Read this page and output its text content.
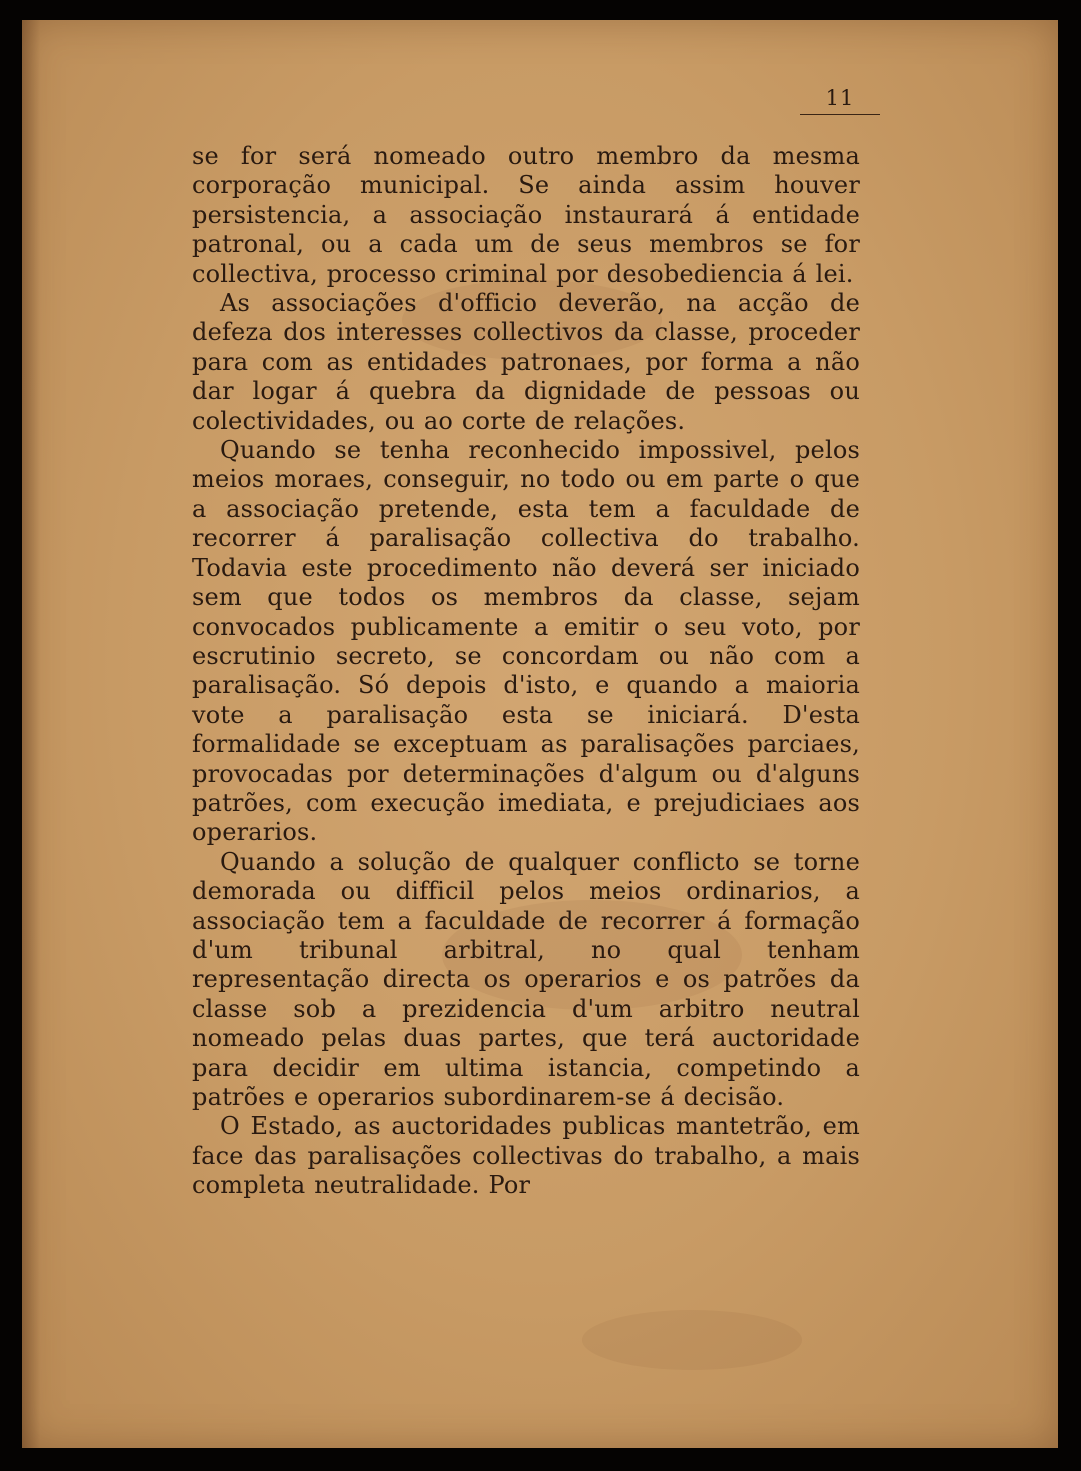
11

se for será nomeado outro membro da mesma corporação municipal. Se ainda assim houver persistencia, a associação instaurará á entidade patronal, ou a cada um de seus membros se for collectiva, processo criminal por desobediencia á lei.

As associações d'officio deverão, na acção de defeza dos interesses collectivos da classe, proceder para com as entidades patronaes, por forma a não dar logar á quebra da dignidade de pessoas ou colectividades, ou ao corte de relações.

Quando se tenha reconhecido impossivel, pelos meios moraes, conseguir, no todo ou em parte o que a associação pretende, esta tem a faculdade de recorrer á paralisação collectiva do trabalho. Todavia este procedimento não deverá ser iniciado sem que todos os membros da classe, sejam convocados publicamente a emitir o seu voto, por escrutinio secreto, se concordam ou não com a paralisação. Só depois d'isto, e quando a maioria vote a paralisação esta se iniciará. D'esta formalidade se exceptuam as paralisações parciaes, provocadas por determinações d'algum ou d'alguns patrões, com execução imediata, e prejudiciaes aos operarios.

Quando a solução de qualquer conflicto se torne demorada ou difficil pelos meios ordinarios, a associação tem a faculdade de recorrer á formação d'um tribunal arbitral, no qual tenham representação directa os operarios e os patrões da classe sob a prezidencia d'um arbitro neutral nomeado pelas duas partes, que terá auctoridade para decidir em ultima istancia, competindo a patrões e operarios subordinarem-se á decisão.

O Estado, as auctoridades publicas mantetrão, em face das paralisações collectivas do trabalho, a mais completa neutralidade. Por
